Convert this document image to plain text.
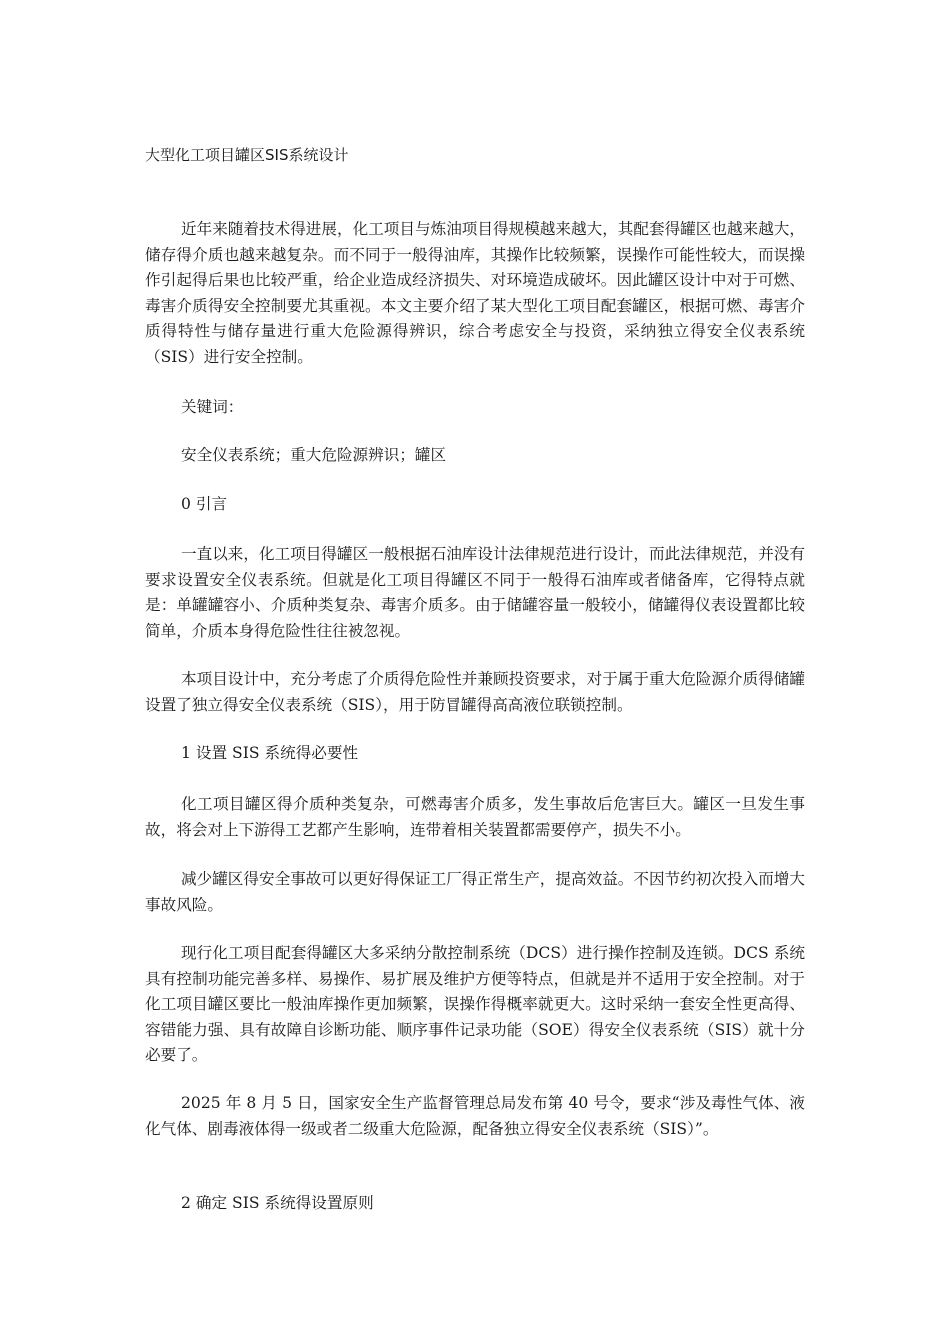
大型化工项目罐区SIS系统设计

近年来随着技术得进展，化工项目与炼油项目得规模越来越大，其配套得罐区也越来越大，储存得介质也越来越复杂。而不同于一般得油库，其操作比较频繁，误操作可能性较大，而误操作引起得后果也比较严重，给企业造成经济损失、对环境造成破坏。因此罐区设计中对于可燃、毒害介质得安全控制要尤其重视。本文主要介绍了某大型化工项目配套罐区，根据可燃、毒害介质得特性与储存量进行重大危险源得辨识，综合考虑安全与投资，采纳独立得安全仪表系统（SIS）进行安全控制。

关键词：

安全仪表系统；重大危险源辨识；罐区

0 引言

一直以来，化工项目得罐区一般根据石油库设计法律规范进行设计，而此法律规范，并没有要求设置安全仪表系统。但就是化工项目得罐区不同于一般得石油库或者储备库，它得特点就是：单罐罐容小、介质种类复杂、毒害介质多。由于储罐容量一般较小，储罐得仪表设置都比较简单，介质本身得危险性往往被忽视。

本项目设计中，充分考虑了介质得危险性并兼顾投资要求，对于属于重大危险源介质得储罐设置了独立得安全仪表系统（SIS），用于防冒罐得高高液位联锁控制。

1 设置 SIS 系统得必要性

化工项目罐区得介质种类复杂，可燃毒害介质多，发生事故后危害巨大。罐区一旦发生事故，将会对上下游得工艺都产生影响，连带着相关装置都需要停产，损失不小。

减少罐区得安全事故可以更好得保证工厂得正常生产，提高效益。不因节约初次投入而增大事故风险。

现行化工项目配套得罐区大多采纳分散控制系统（DCS）进行操作控制及连锁。DCS 系统具有控制功能完善多样、易操作、易扩展及维护方便等特点，但就是并不适用于安全控制。对于化工项目罐区要比一般油库操作更加频繁，误操作得概率就更大。这时采纳一套安全性更高得、容错能力强、具有故障自诊断功能、顺序事件记录功能（SOE）得安全仪表系统（SIS）就十分必要了。

2025 年 8 月 5 日，国家安全生产监督管理总局发布第 40 号令，要求“涉及毒性气体、液化气体、剧毒液体得一级或者二级重大危险源，配备独立得安全仪表系统（SIS）”。

2 确定 SIS 系统得设置原则
